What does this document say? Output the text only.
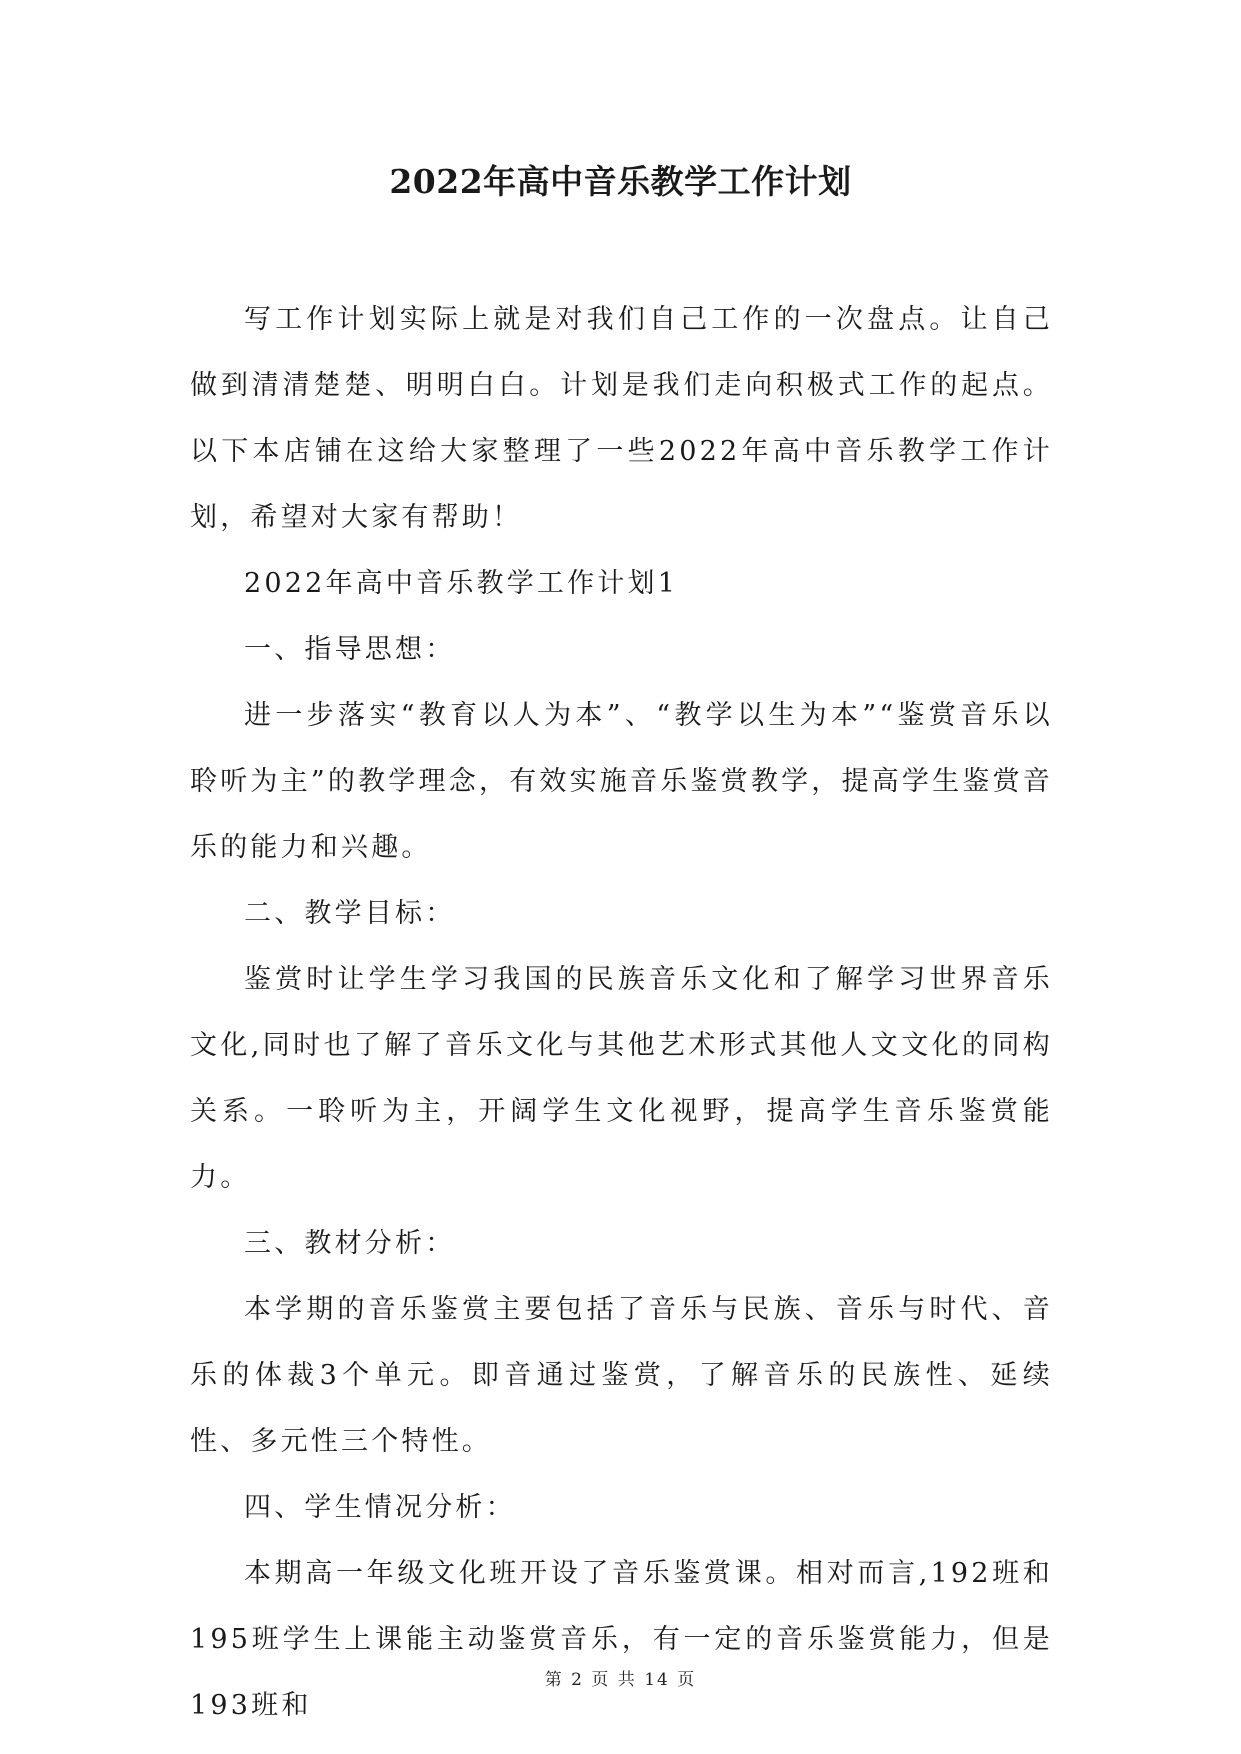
2022年高中音乐教学工作计划

写工作计划实际上就是对我们自己工作的一次盘点。让自己做到清清楚楚、明明白白。计划是我们走向积极式工作的起点。以下本店铺在这给大家整理了一些2022年高中音乐教学工作计划，希望对大家有帮助！

2022年高中音乐教学工作计划1

一、指导思想：

进一步落实“教育以人为本”、“教学以生为本”“鉴赏音乐以聆听为主”的教学理念，有效实施音乐鉴赏教学，提高学生鉴赏音乐的能力和兴趣。

二、教学目标：

鉴赏时让学生学习我国的民族音乐文化和了解学习世界音乐文化,同时也了解了音乐文化与其他艺术形式其他人文文化的同构关系。一聆听为主，开阔学生文化视野，提高学生音乐鉴赏能力。

三、教材分析：

本学期的音乐鉴赏主要包括了音乐与民族、音乐与时代、音乐的体裁3个单元。即音通过鉴赏，了解音乐的民族性、延续性、多元性三个特性。

四、学生情况分析：

本期高一年级文化班开设了音乐鉴赏课。相对而言,192班和195班学生上课能主动鉴赏音乐，有一定的音乐鉴赏能力，但是193班和

第 2 页 共 14 页
